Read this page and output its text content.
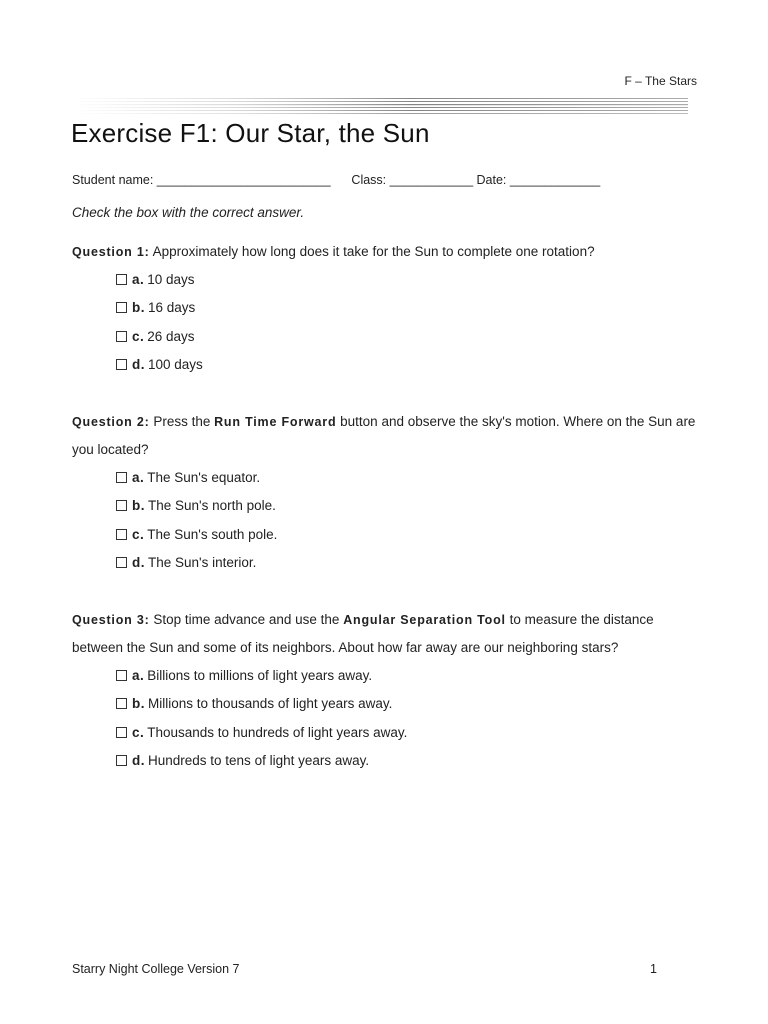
F – The Stars
Exercise F1: Our Star, the Sun
Student name: _________________________ Class: ____________ Date: _____________
Check the box with the correct answer.
Question 1: Approximately how long does it take for the Sun to complete one rotation?
a. 10 days
b. 16 days
c. 26 days
d. 100 days
Question 2: Press the Run Time Forward button and observe the sky's motion. Where on the Sun are you located?
a. The Sun's equator.
b. The Sun's north pole.
c. The Sun's south pole.
d. The Sun's interior.
Question 3: Stop time advance and use the Angular Separation Tool to measure the distance between the Sun and some of its neighbors. About how far away are our neighboring stars?
a. Billions to millions of light years away.
b. Millions to thousands of light years away.
c. Thousands to hundreds of light years away.
d. Hundreds to tens of light years away.
Starry Night College Version 7	1
